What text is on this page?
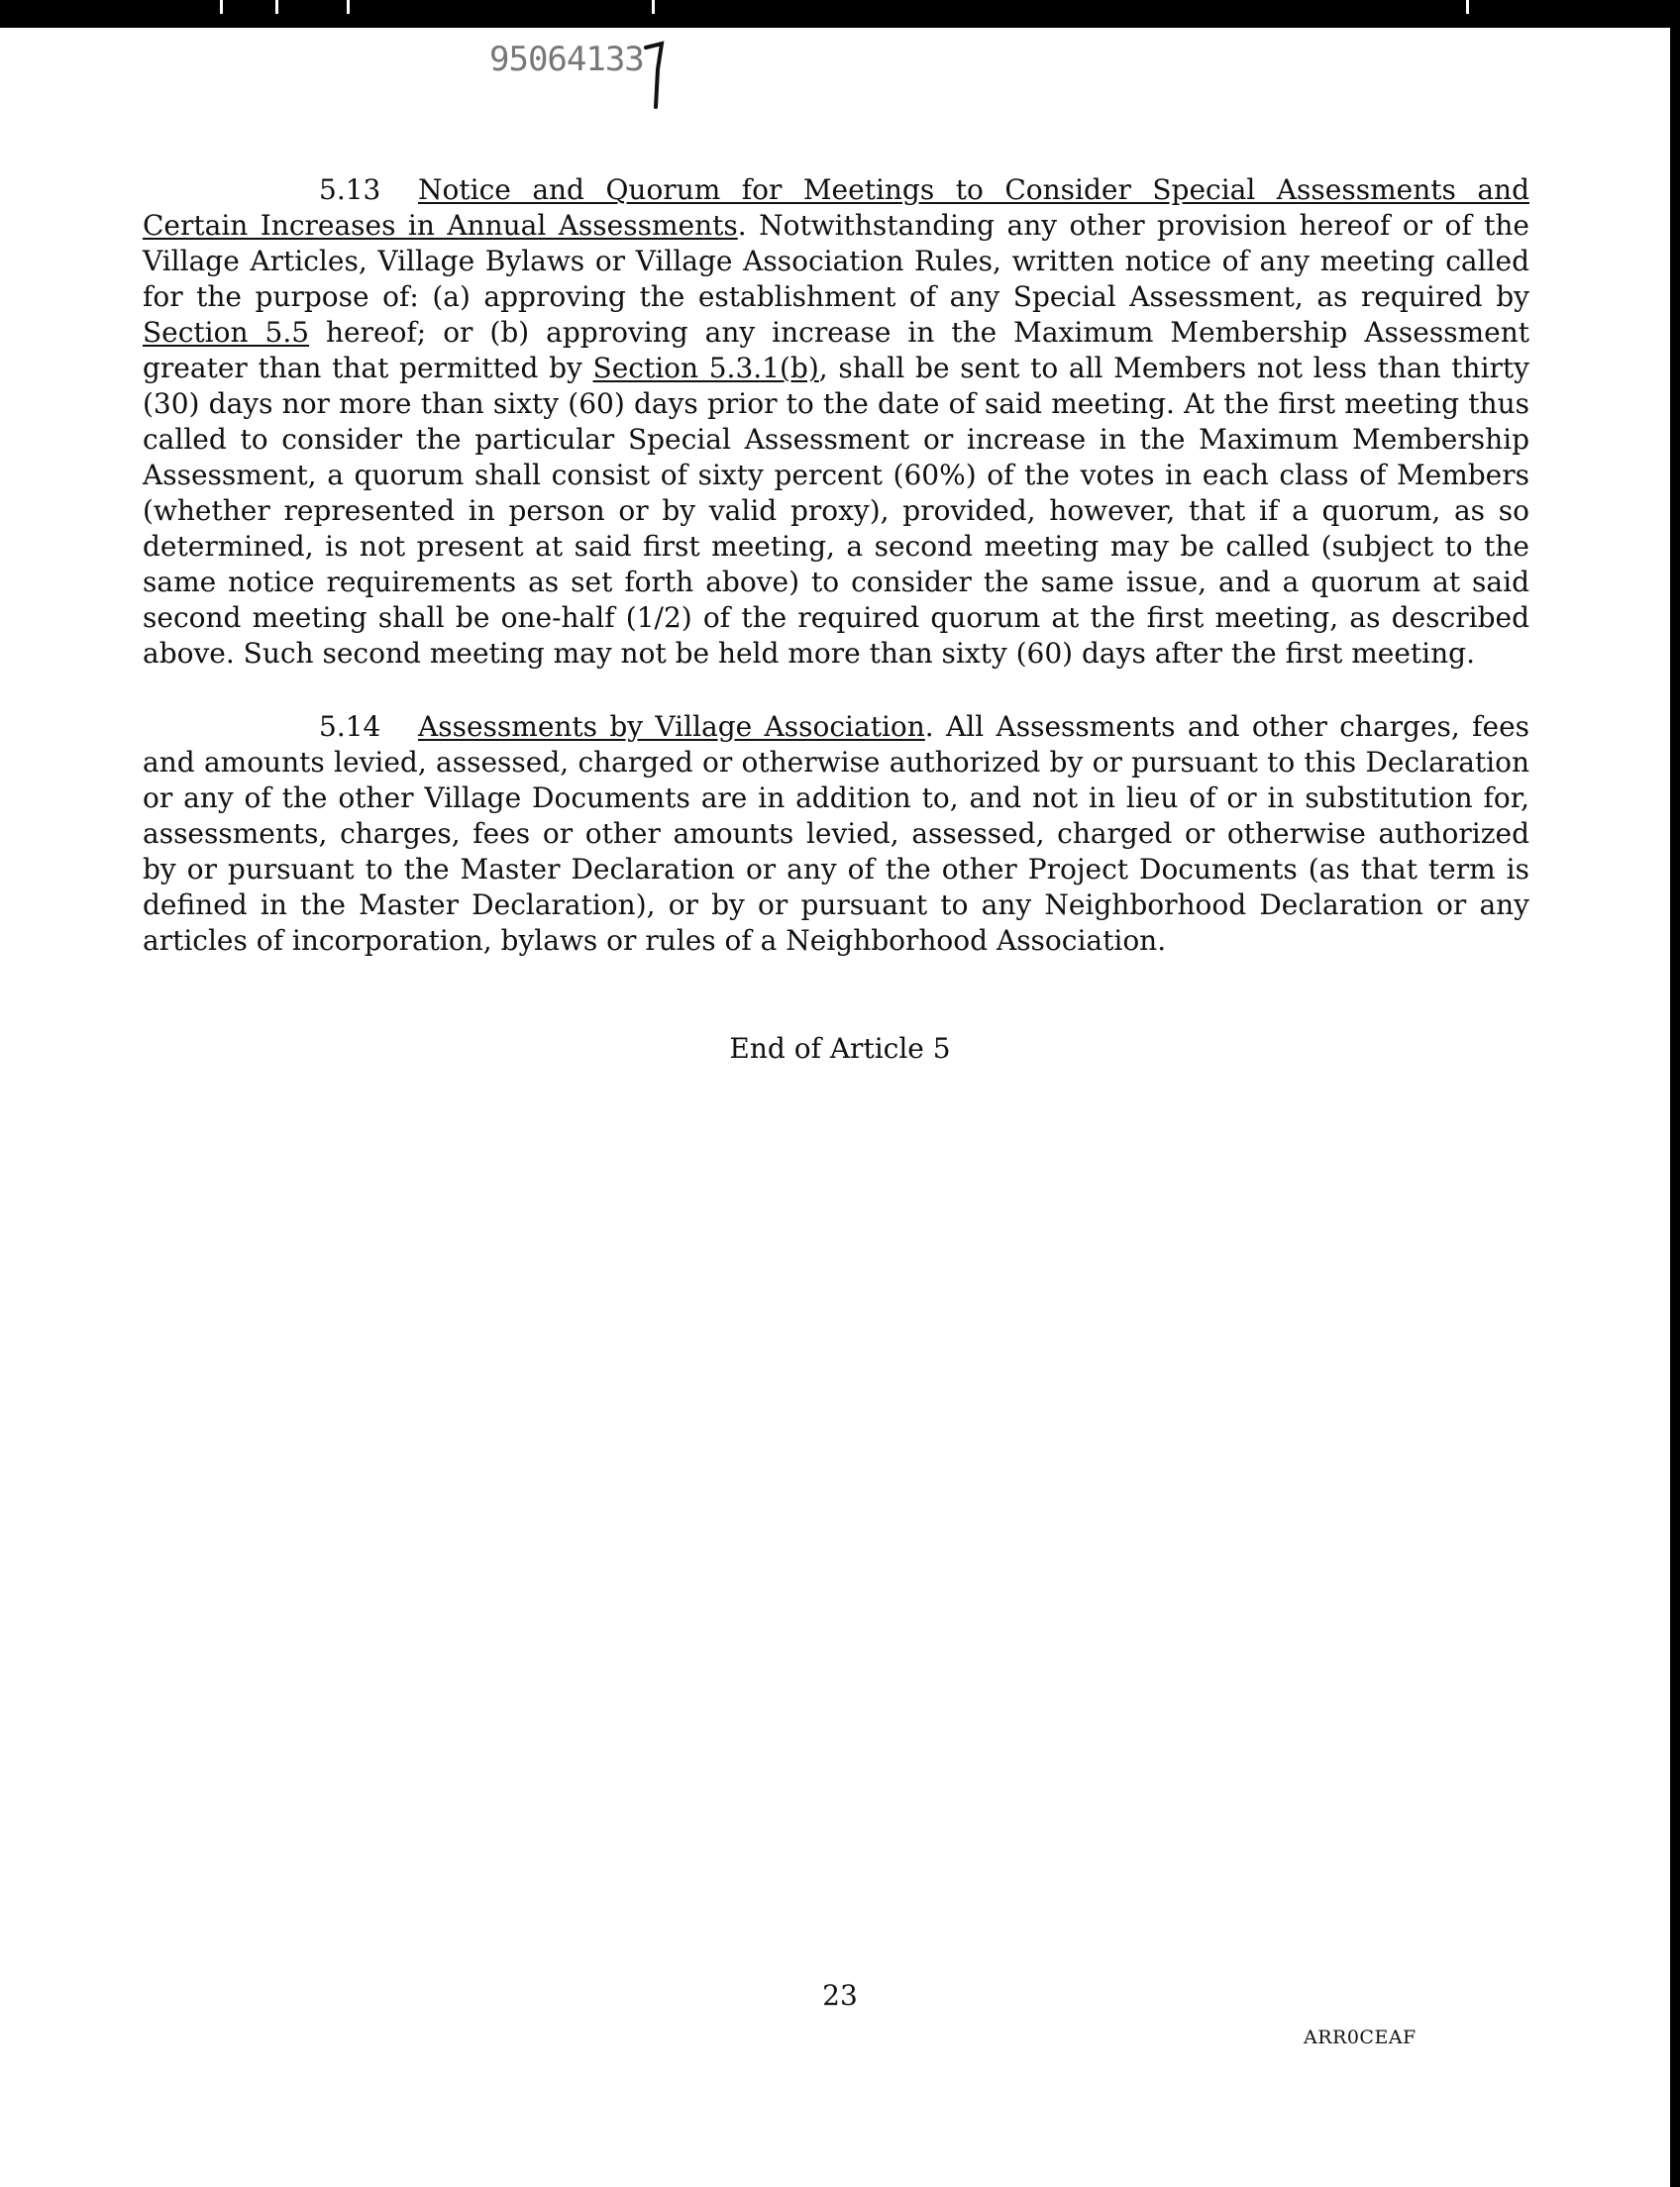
95064133
5.13 Notice and Quorum for Meetings to Consider Special Assessments and Certain Increases in Annual Assessments. Notwithstanding any other provision hereof or of the Village Articles, Village Bylaws or Village Association Rules, written notice of any meeting called for the purpose of: (a) approving the establishment of any Special Assessment, as required by Section 5.5 hereof; or (b) approving any increase in the Maximum Membership Assessment greater than that permitted by Section 5.3.1(b), shall be sent to all Members not less than thirty (30) days nor more than sixty (60) days prior to the date of said meeting. At the first meeting thus called to consider the particular Special Assessment or increase in the Maximum Membership Assessment, a quorum shall consist of sixty percent (60%) of the votes in each class of Members (whether represented in person or by valid proxy), provided, however, that if a quorum, as so determined, is not present at said first meeting, a second meeting may be called (subject to the same notice requirements as set forth above) to consider the same issue, and a quorum at said second meeting shall be one-half (1/2) of the required quorum at the first meeting, as described above. Such second meeting may not be held more than sixty (60) days after the first meeting.
5.14 Assessments by Village Association. All Assessments and other charges, fees and amounts levied, assessed, charged or otherwise authorized by or pursuant to this Declaration or any of the other Village Documents are in addition to, and not in lieu of or in substitution for, assessments, charges, fees or other amounts levied, assessed, charged or otherwise authorized by or pursuant to the Master Declaration or any of the other Project Documents (as that term is defined in the Master Declaration), or by or pursuant to any Neighborhood Declaration or any articles of incorporation, bylaws or rules of a Neighborhood Association.
End of Article 5
23
ARR0CEAF
